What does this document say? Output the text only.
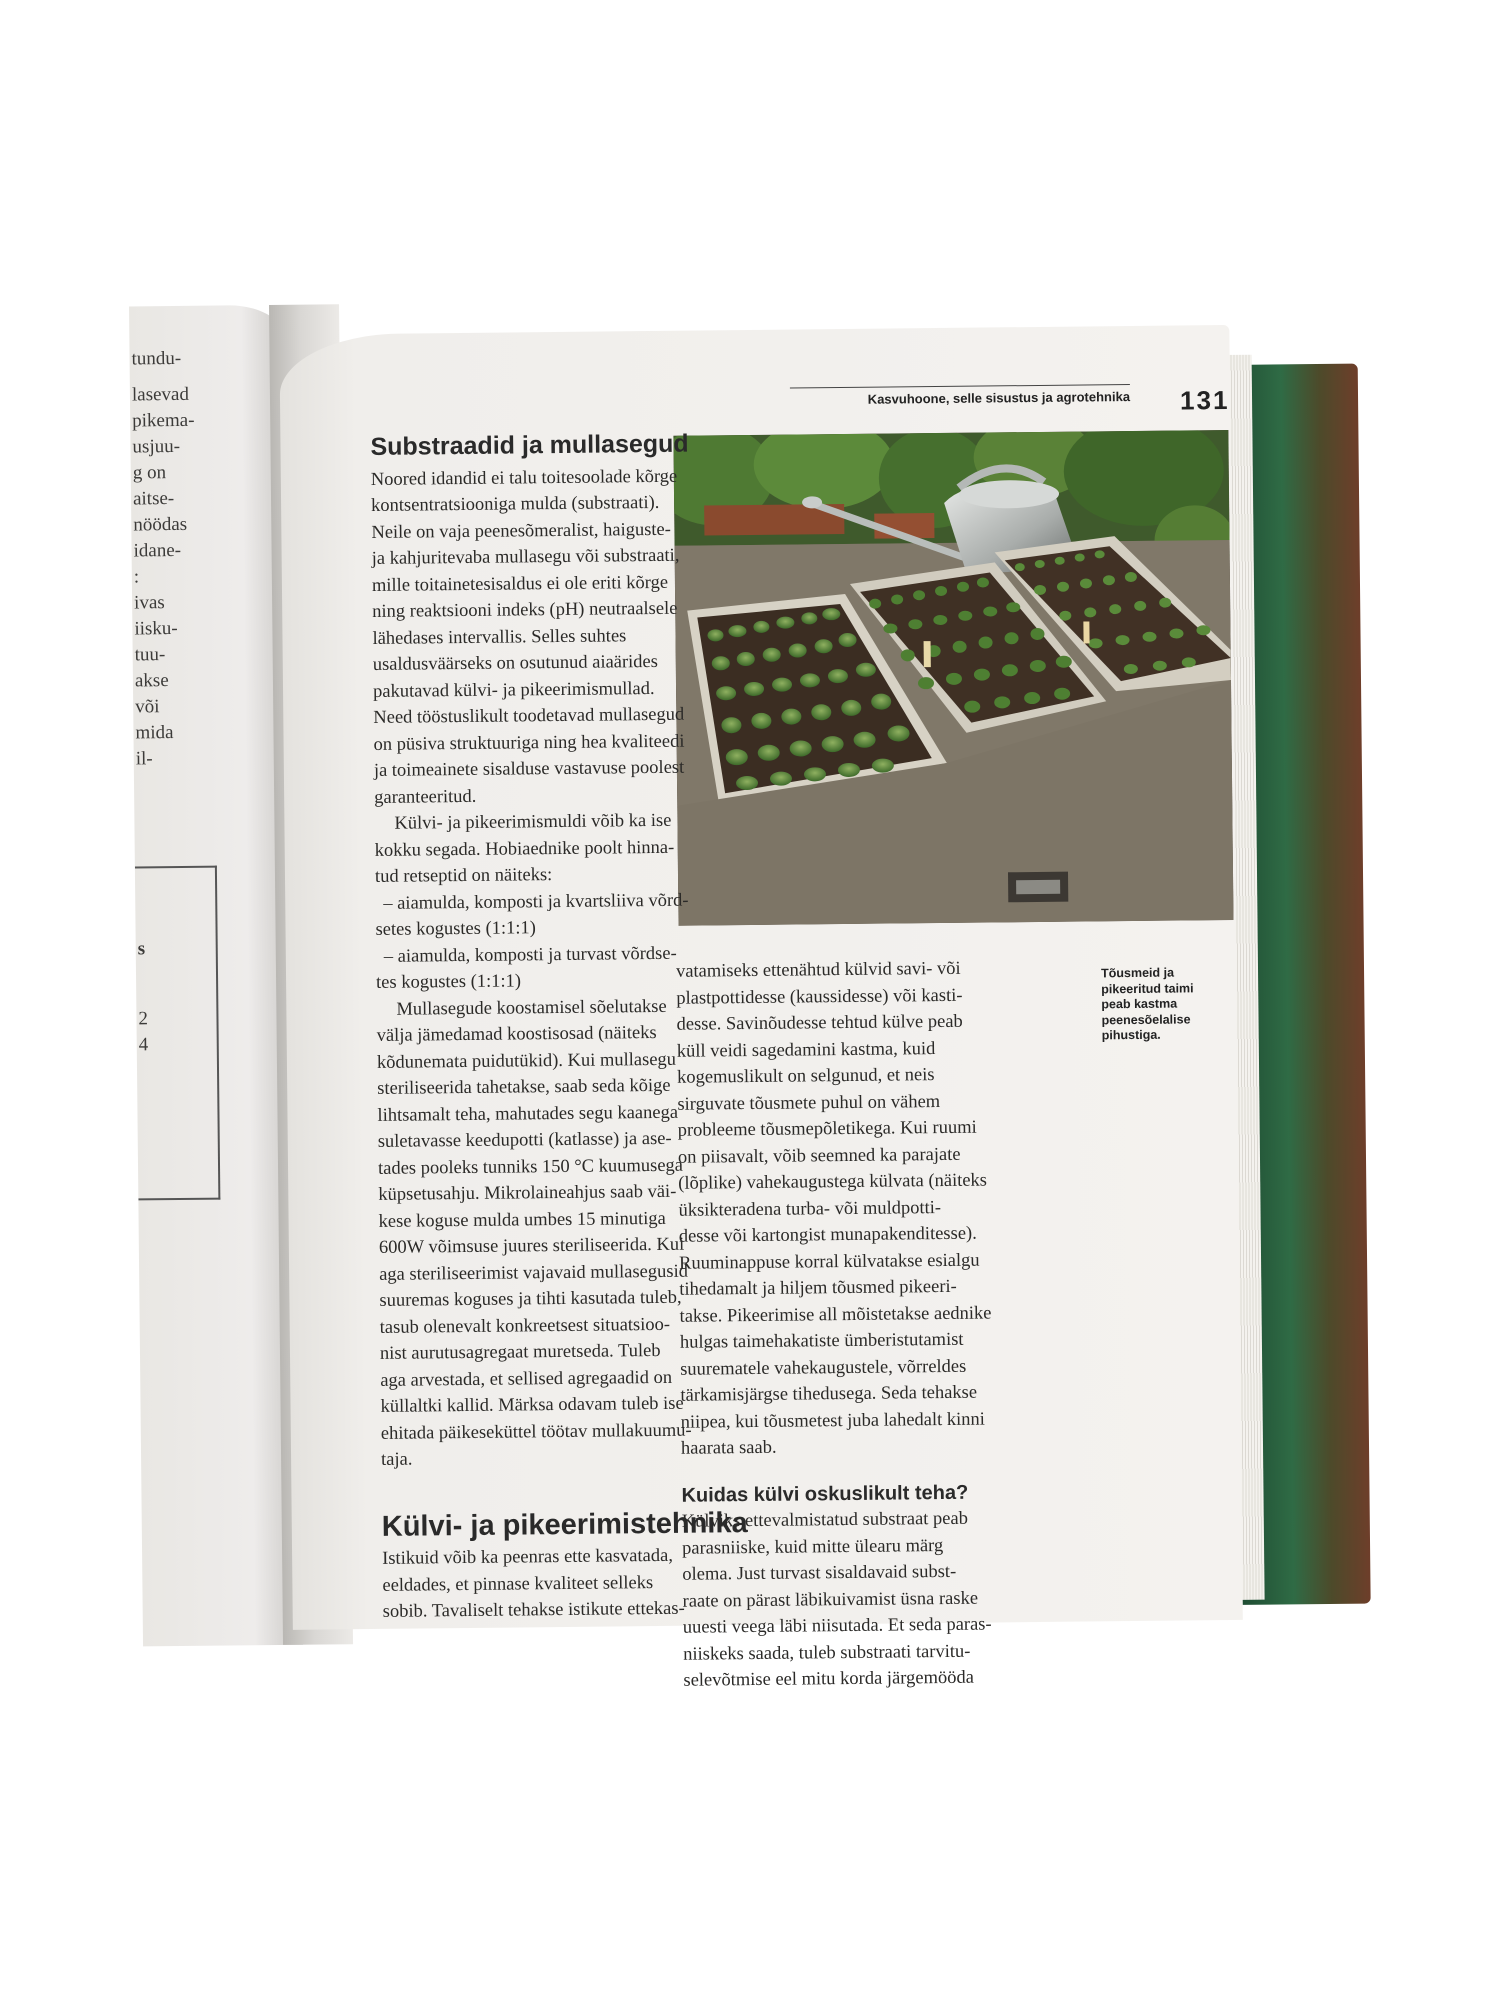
tundu-
lasevad
pikema-
usjuu-
g on
aitse-
nöödas
idane-
:
ivas
iisku-
tuu-
akse
või
mida
il-
s
2
4
Kasvuhoone, selle sisustus ja agrotehnika 131
Tõusmeid ja
pikeeritud taimi
peab kastma
peenesõelalise
pihustiga.
Substraadid ja mullasegud

Noored idandid ei talu toitesoolade kõrge

kontsentratsiooniga mulda (substraati).

Neile on vaja peenesõmeralist, haiguste-

ja kahjuritevaba mullasegu või substraati,

mille toitainetesisaldus ei ole eriti kõrge

ning reaktsiooni indeks (pH) neutraalsele

lähedases intervallis. Selles suhtes

usaldusväärseks on osutunud aiaärides

pakutavad külvi- ja pikeerimismullad.

Need tööstuslikult toodetavad mullasegud

on püsiva struktuuriga ning hea kvaliteedi

ja toimeainete sisalduse vastavuse poolest

garanteeritud.

Külvi- ja pikeerimismuldi võib ka ise

kokku segada. Hobiaednike poolt hinna-

tud retseptid on näiteks:

– aiamulda, komposti ja kvartsliiva võrd-

setes kogustes (1:1:1)

– aiamulda, komposti ja turvast võrdse-

tes kogustes (1:1:1)

Mullasegude koostamisel sõelutakse

välja jämedamad koostisosad (näiteks

kõdunemata puidutükid). Kui mullasegu

steriliseerida tahetakse, saab seda kõige

lihtsamalt teha, mahutades segu kaanega

suletavasse keedupotti (katlasse) ja ase-

tades pooleks tunniks 150 °C kuumusega

küpsetusahju. Mikrolaineahjus saab väi-

kese koguse mulda umbes 15 minutiga

600W võimsuse juures steriliseerida. Kui

aga steriliseerimist vajavaid mullasegusid

suuremas koguses ja tihti kasutada tuleb,

tasub olenevalt konkreetsest situatsioo-

nist aurutusagregaat muretseda. Tuleb

aga arvestada, et sellised agregaadid on

küllaltki kallid. Märksa odavam tuleb ise

ehitada päikeseküttel töötav mullakuumu-

taja.

Külvi- ja pikeerimistehnika

Istikuid võib ka peenras ette kasvatada,

eeldades, et pinnase kvaliteet selleks

sobib. Tavaliselt tehakse istikute ettekas-

vatamiseks ettenähtud külvid savi- või

plastpottidesse (kaussidesse) või kasti-

desse. Savinõudesse tehtud külve peab

küll veidi sagedamini kastma, kuid

kogemuslikult on selgunud, et neis

sirguvate tõusmete puhul on vähem

probleeme tõusmepõletikega. Kui ruumi

on piisavalt, võib seemned ka parajate

(lõplike) vahekaugustega külvata (näiteks

üksikteradena turba- või muldpotti-

desse või kartongist munapakenditesse).

Ruuminappuse korral külvatakse esialgu

tihedamalt ja hiljem tõusmed pikeeri-

takse. Pikeerimise all mõistetakse aednike

hulgas taimehakatiste ümberistutamist

suurematele vahekaugustele, võrreldes

tärkamisjärgse tihedusega. Seda tehakse

niipea, kui tõusmetest juba lahedalt kinni

haarata saab.

Kuidas külvi oskuslikult teha?

Külviks ettevalmistatud substraat peab

parasniiske, kuid mitte ülearu märg

olema. Just turvast sisaldavaid subst-

raate on pärast läbikuivamist üsna raske

uuesti veega läbi niisutada. Et seda paras-

niiskeks saada, tuleb substraati tarvitu-

selevõtmise eel mitu korda järgemööda
